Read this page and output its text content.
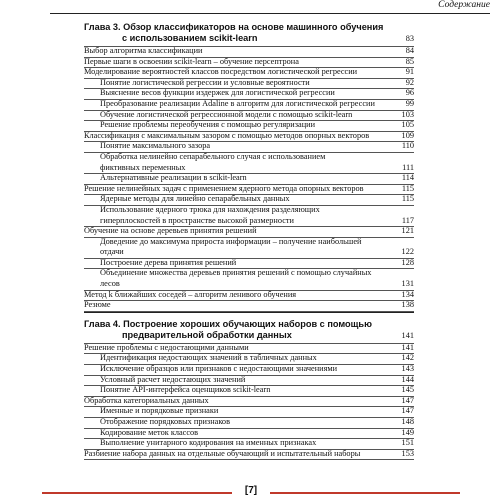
Содержание
Глава 3. Обзор классификаторов на основе машинного обучения
с использованием scikit-learn	83
Выбор алгоритма классификации	84
Первые шаги в освоении scikit-learn – обучение персептрона	85
Моделирование вероятностей классов посредством логистической регрессии	91
Понятие логистической регрессии и условные вероятности	92
Выяснение весов функции издержек для логистической регрессии	96
Преобразование реализации Adaline в алгоритм для логистической регрессии	99
Обучение логистической регрессионной модели с помощью scikit-learn	103
Решение проблемы переобучения с помощью регуляризации	105
Классификация с максимальным зазором с помощью методов опорных векторов	109
Понятие максимального зазора	110
Обработка нелинейно сепарабельного случая с использованием фиктивных переменных	111
Альтернативные реализации в scikit-learn	114
Решение нелинейных задач с применением ядерного метода опорных векторов	115
Ядерные методы для линейно сепарабельных данных	115
Использование ядерного трюка для нахождения разделяющих гиперплоскостей в пространстве высокой размерности	117
Обучение на основе деревьев принятия решений	121
Доведение до максимума прироста информации – получение наибольшей отдачи	122
Построение дерева принятия решений	128
Объединение множества деревьев принятия решений с помощью случайных лесов	131
Метод k ближайших соседей – алгоритм ленивого обучения	134
Резюме	138
Глава 4. Построение хороших обучающих наборов с помощью
предварительной обработки данных	141
Решение проблемы с недостающими данными	141
Идентификация недостающих значений в табличных данных	142
Исключение образцов или признаков с недостающими значениями	143
Условный расчет недостающих значений	144
Понятие API-интерфейса оценщиков scikit-learn	145
Обработка категориальных данных	147
Именные и порядковые признаки	147
Отображение порядковых признаков	148
Кодирование меток классов	149
Выполнение унитарного кодирования на именных признаках	151
Разбиение набора данных на отдельные обучающий и испытательный наборы	153
[7]
